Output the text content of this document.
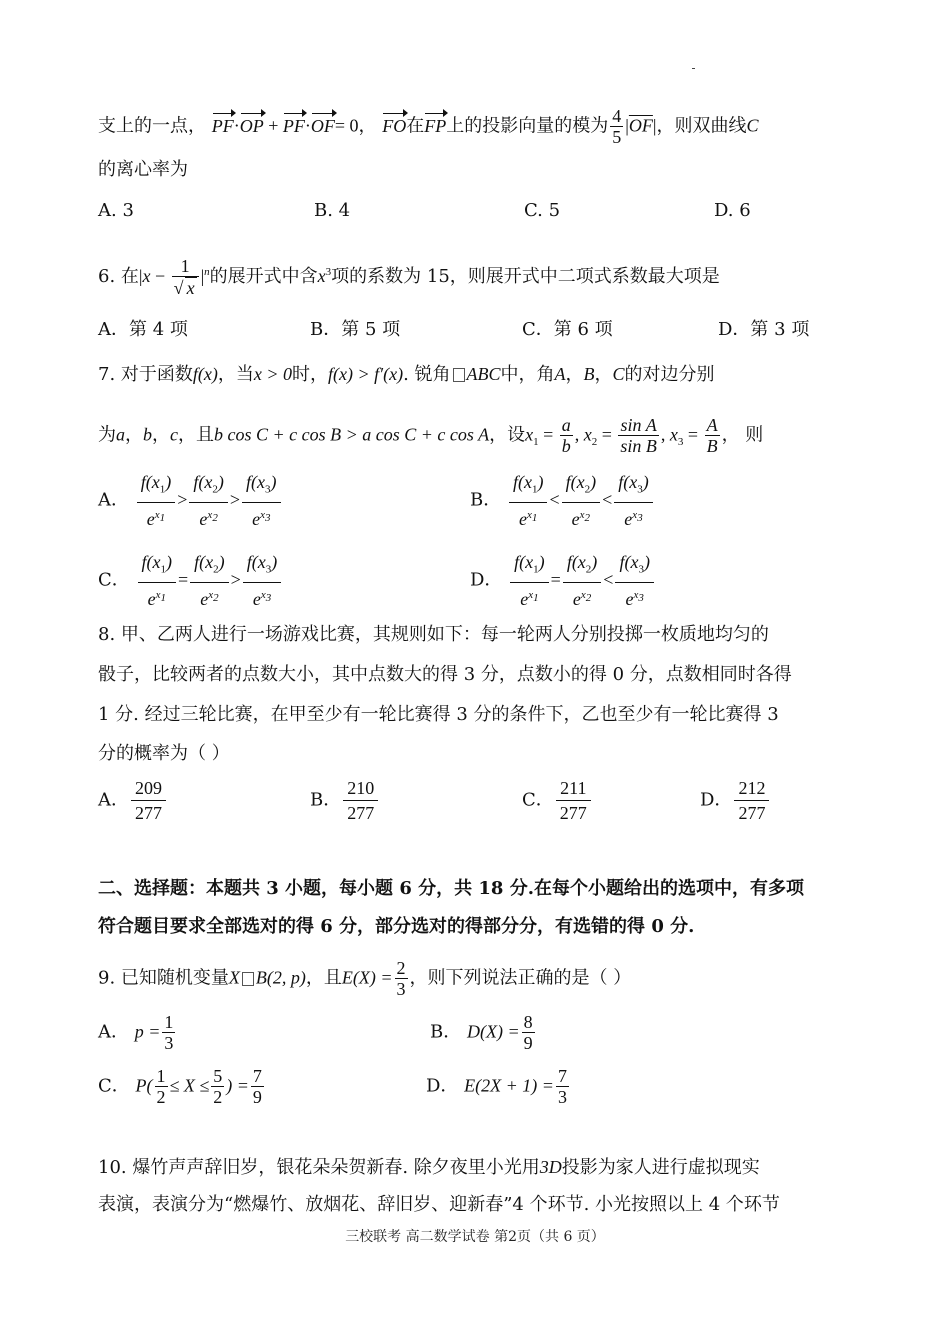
支上的一点， PF·OP + PF·OF= 0， FO在FP上的投影向量的模为 $\frac{4}{5} |\overline{OF}|$，则双曲线C
的离心率为
A. 3	B. 4	C. 5	D. 6
6. 在$|x - \frac{1}{√ x} |^n$的展开式中含$x^3$项的系数为 15，则展开式中二项式系数最大项是
A．第 4 项	B．第 5 项	C．第 6 项	D．第 3 项
7. 对于函数f(x)，当x > 0时，f(x) > f′(x). 锐角 ABC中，角A，B，C的对边分别
为a，b，c，且b cos C + c cos B > a cos C + c cos A，设$x_1 = \frac{a}{b}$ , $x_2 = \frac{\text{sin A}}{\text{sin B}}$ , $x_3 = \frac{A}{B}$ ， 则
A． $\frac{f(x_1)}{e^{x_1}} > \frac{f(x_2)}{e^{x_2}} > \frac{f(x_3)}{e^{x_3}}$	B． $\frac{f(x_1)}{e^{x_1}} < \frac{f(x_2)}{e^{x_2}} < \frac{f(x_3)}{e^{x_3}}$
C． $\frac{f(x_1)}{e^{x_1}} = \frac{f(x_2)}{e^{x_2}} > \frac{f(x_3)}{e^{x_3}}$	D． $\frac{f(x_1)}{e^{x_1}} = \frac{f(x_2)}{e^{x_2}} < \frac{f(x_3)}{e^{x_3}}$
8. 甲、乙两人进行一场游戏比赛，其规则如下：每一轮两人分别投掷一枚质地均匀的
骰子，比较两者的点数大小，其中点数大的得 3 分，点数小的得 0 分，点数相同时各得
1 分. 经过三轮比赛，在甲至少有一轮比赛得 3 分的条件下，乙也至少有一轮比赛得 3
分的概率为（ ）
A． $\frac{209}{277}$	B． $\frac{210}{277}$	C． $\frac{211}{277}$	D． $\frac{212}{277}$
二、选择题：本题共 3 小题，每小题 6 分，共 18 分.在每个小题给出的选项中，有多项
符合题目要求全部选对的得 6 分，部分选对的得部分分，有选错的得 0 分.
9. 已知随机变量X B(2, p)，且$E(X) = \frac{2}{3}$ ，则下列说法正确的是（ ）
A． $p = \frac{1}{3}$	B． $D(X) = \frac{8}{9}$
C． $P( \frac{1}{2} \le X \le \frac{5}{2}$ ) = $\frac{7}{9}$	D． $E(2X + 1) = \frac{7}{3}$
10. 爆竹声声辞旧岁，银花朵朵贺新春. 除夕夜里小光用3D投影为家人进行虚拟现实
表演，表演分为“燃爆竹、放烟花、辞旧岁、迎新春”4 个环节. 小光按照以上 4 个环节
三校联考 高二数学试卷 第2页（共 6 页）
